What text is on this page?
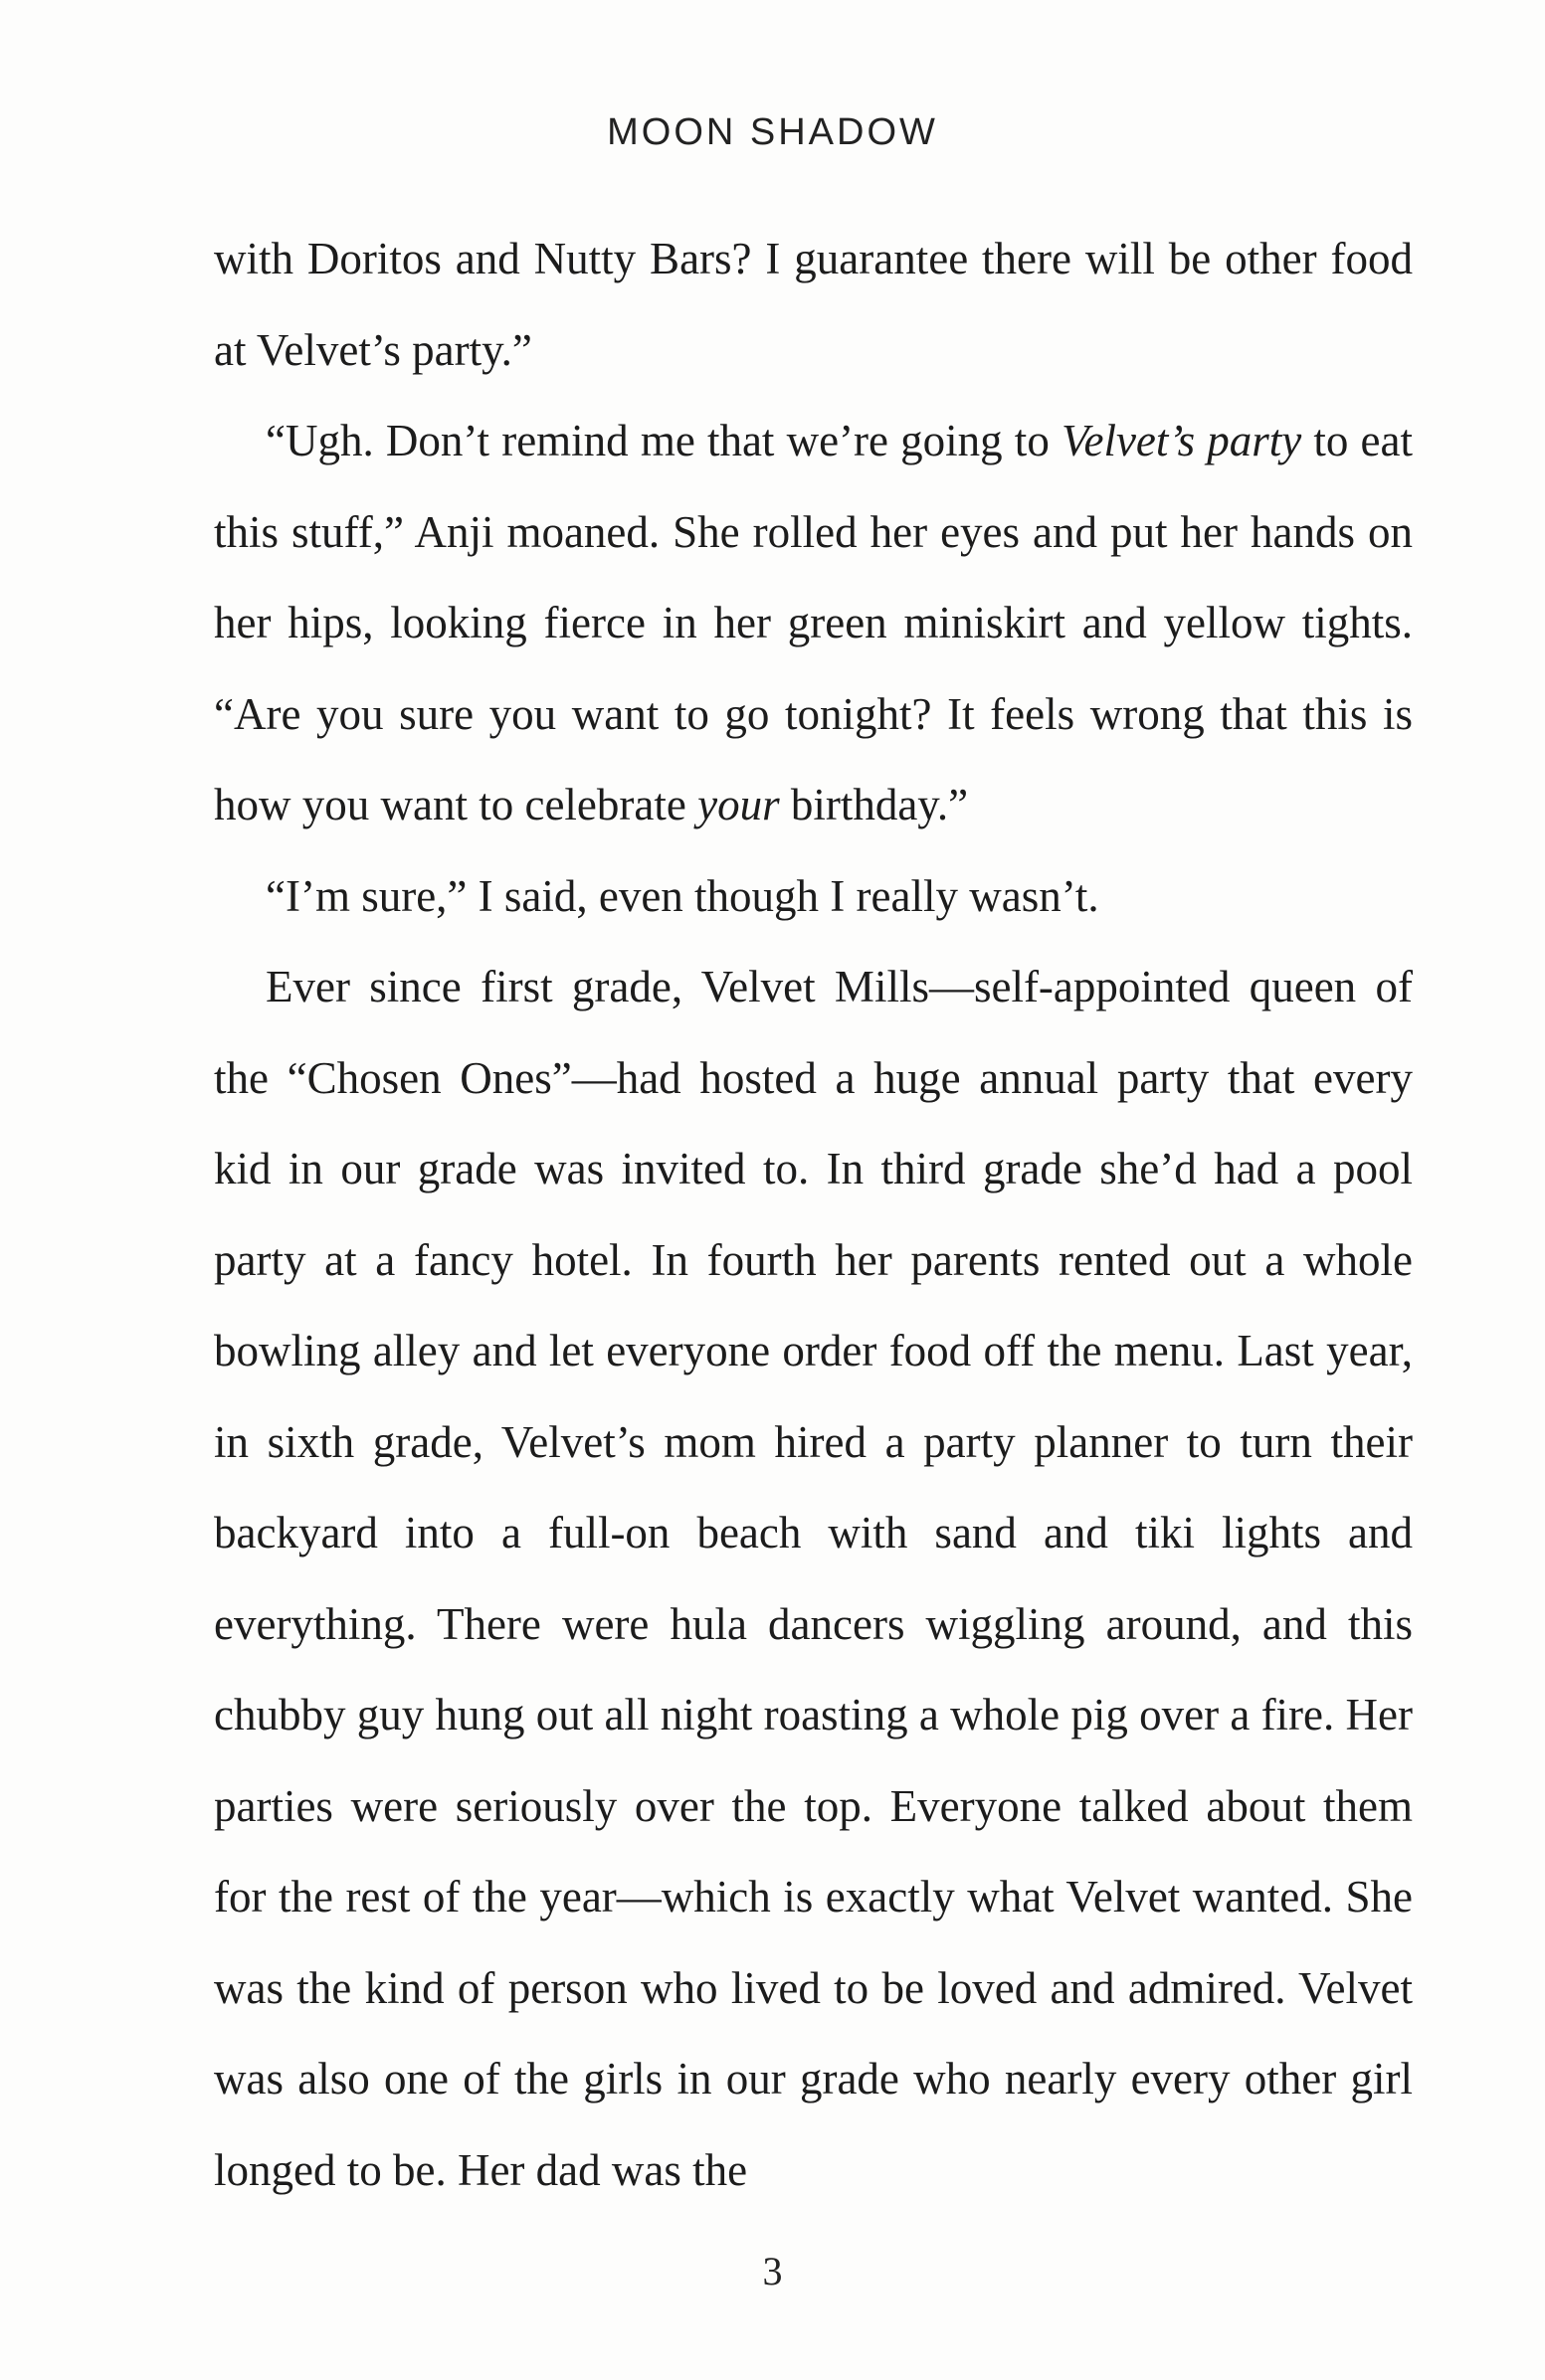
MOON SHADOW

with Doritos and Nutty Bars? I guarantee there will be other food at Velvet’s party.”

“Ugh. Don’t remind me that we’re going to Velvet’s party to eat this stuff,” Anji moaned. She rolled her eyes and put her hands on her hips, looking fierce in her green miniskirt and yellow tights. “Are you sure you want to go tonight? It feels wrong that this is how you want to celebrate your birthday.”

“I’m sure,” I said, even though I really wasn’t.

Ever since first grade, Velvet Mills—self-appointed queen of the “Chosen Ones”—had hosted a huge annual party that every kid in our grade was invited to. In third grade she’d had a pool party at a fancy hotel. In fourth her parents rented out a whole bowling alley and let everyone order food off the menu. Last year, in sixth grade, Velvet’s mom hired a party planner to turn their backyard into a full-on beach with sand and tiki lights and everything. There were hula dancers wiggling around, and this chubby guy hung out all night roasting a whole pig over a fire. Her parties were seriously over the top. Everyone talked about them for the rest of the year—which is exactly what Velvet wanted. She was the kind of person who lived to be loved and admired. Velvet was also one of the girls in our grade who nearly every other girl longed to be. Her dad was the

3
